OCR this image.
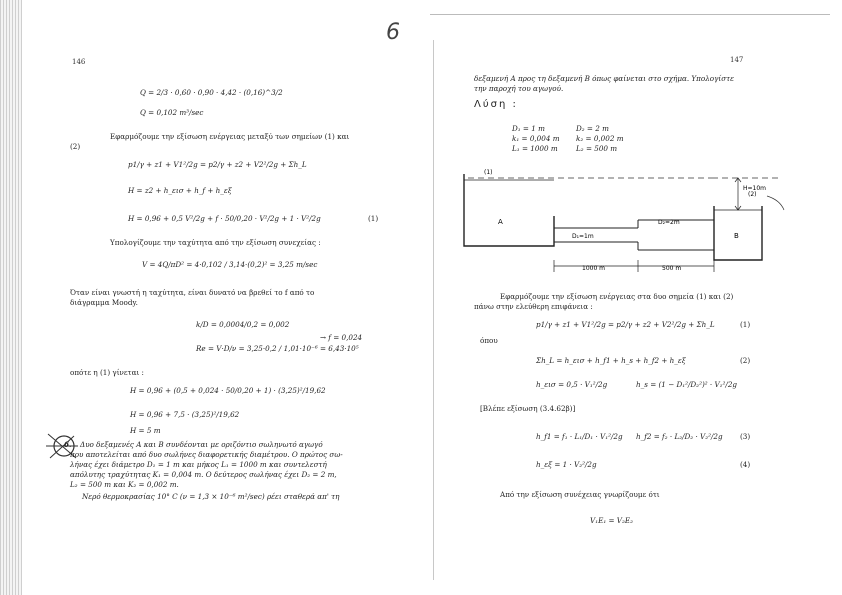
146
6
Q = 2/3 · 0,60 · 0,90 · 4,42 · (0,16)^3/2
Q = 0,102 m³/sec
Εφαρμόζουμε την εξίσωση ενέργειας μεταξύ των σημείων (1) και
(2)
p1/γ + z1 + V1²/2g = p2/γ + z2 + V2²/2g + Σh_L
H = z2 + h_εισ + h_f + h_εξ
H = 0,96 + 0,5 V²/2g + f · 50/0,20 · V²/2g + 1 · V²/2g	(1)
Υπολογίζουμε την ταχύτητα από την εξίσωση συνεχείας :
V = 4Q/πD² = 4·0,102 / 3,14·(0,2)² = 3,25 m/sec
Όταν είναι γνωστή η ταχύτητα, είναι δυνατό να βρεθεί το f από το
διάγραμμα Moody.
k/D = 0,0004/0,2 = 0,002
Re = V·D/ν = 3,25·0,2 / 1,01·10⁻⁶ = 6,43·10⁵
→ f = 0,024
οπότε η (1) γίνεται :
H = 0,96 + (0,5 + 0,024 · 50/0,20 + 1) · (3,25)²/19,62
H = 0,96 + 7,5 · (3,25)²/19,62
H = 5 m
6. Δυο δεξαμενές Α και Β συνδέονται με οριζόντιο σωληνωτό αγωγό
που αποτελείται από δυο σωλήνες διαφορετικής διαμέτρου. Ο πρώτος σω-
λήνας έχει διάμετρο D₁ = 1 m και μήκος L₁ = 1000 m και συντελεστή
απόλυτης τραχύτητας K₁ = 0,004 m. Ο δεύτερος σωλήνας έχει D₂ = 2 m,
L₂ = 500 m και K₂ = 0,002 m.
Νερό θερμοκρασίας 10° C (ν = 1,3 × 10⁻⁶ m²/sec) ρέει σταθερά απ' τη
147
δεξαμενή Α προς τη δεξαμενή Β όπως φαίνεται στο σχήμα. Υπολογίστε
την παροχή του αγωγού.
Λύση :
D₁ = 1 m	D₂ = 2 m
k₁ = 0,004 m k₂ = 0,002 m
L₁ = 1000 m	L₂ = 500 m
(1)
(2)
H=10m
A
B
D₁=1m
D₂=2m
1000 m	500 m
Εφαρμόζουμε την εξίσωση ενέργειας στα δυο σημεία (1) και (2)
πάνω στην ελεύθερη επιφάνεια :
p1/γ + z1 + V1²/2g = p2/γ + z2 + V2²/2g + Σh_L	(1)
όπου
Σh_L = h_εισ + h_f1 + h_s + h_f2 + h_εξ	(2)
h_εισ = 0,5 · V₁²/2g	h_s = (1 − D₁²/D₂²)² · V₁²/2g
[Βλέπε εξίσωση (3.4.62β)]
h_f1 = f₁ · L₁/D₁ · V₁²/2g h_f2 = f₂ · L₂/D₂ · V₂²/2g (3)
h_εξ = 1 · V₂²/2g	(4)
Από την εξίσωση συνέχειας γνωρίζουμε ότι
V₁E₁ = V₂E₂
